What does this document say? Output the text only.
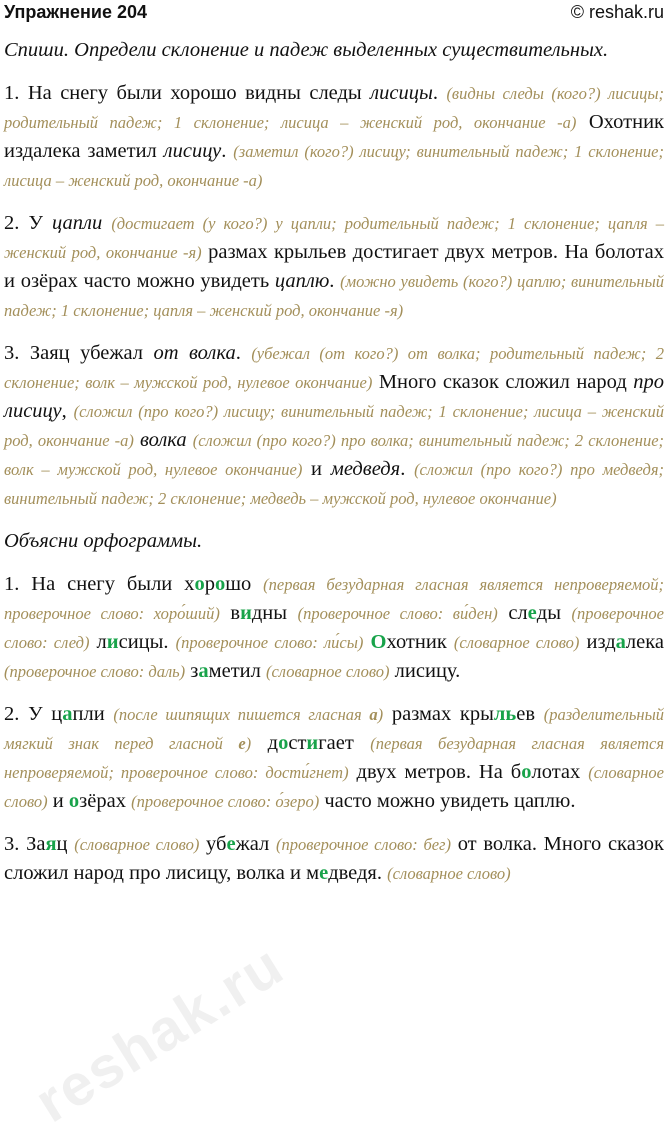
Упражнение 204	© reshak.ru

Спиши. Определи склонение и падеж выделенных существительных.

1. На снегу были хорошо видны следы лисицы. (видны следы (кого?) лисицы; родительный падеж; 1 склонение; лисица – женский род, окончание -а) Охотник издалека заметил лисицу. (заметил (кого?) лисицу; винительный падеж; 1 склонение; лисица – женский род, окончание -а)

2. У цапли (достигает (у кого?) у цапли; родительный падеж; 1 склонение; цапля – женский род, окончание -я) размах крыльев достигает двух метров. На болотах и озёрах часто можно увидеть цаплю. (можно увидеть (кого?) цаплю; винительный падеж; 1 склонение; цапля – женский род, окончание -я)

3. Заяц убежал от волка. (убежал (от кого?) от волка; родительный падеж; 2 склонение; волк – мужской род, нулевое окончание) Много сказок сложил народ про лисицу, (сложил (про кого?) лисицу; винительный падеж; 1 склонение; лисица – женский род, окончание -а) волка (сложил (про кого?) про волка; винительный падеж; 2 склонение; волк – мужской род, нулевое окончание) и медведя. (сложил (про кого?) про медведя; винительный падеж; 2 склонение; медведь – мужской род, нулевое окончание)

Объясни орфограммы.

1. На снегу были хорошо (первая безударная гласная является непроверяемой; проверочное слово: хоро́ший) видны (проверочное слово: ви́ден) следы (проверочное слово: след) лисицы. (проверочное слово: ли́сы) Охотник (словарное слово) издалека (проверочное слово: даль) заметил (словарное слово) лисицу.

2. У цапли (после шипящих пишется гласная а) размах крыльев (разделительный мягкий знак перед гласной е) достигает (первая безударная гласная является непроверяемой; проверочное слово: дости́гнет) двух метров. На болотах (словарное слово) и озёрах (проверочное слово: о́зеро) часто можно увидеть цаплю.

3. Заяц (словарное слово) убежал (проверочное слово: бег) от волка. Много сказок сложил народ про лисицу, волка и медведя. (словарное слово)

reshak.ru
